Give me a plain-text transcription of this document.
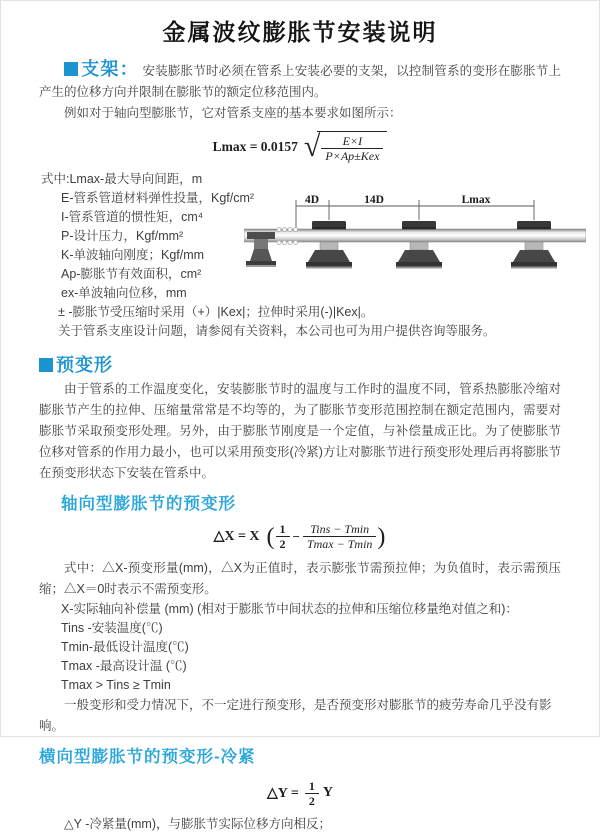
金属波纹膨胀节安装说明
支架： 安装膨胀节时必须在管系上安装必要的支架，以控制管系的变形在膨胀节上产生的位移方向并限制在膨胀节的额定位移范围内。
例如对于轴向型膨胀节，它对管系支座的基本要求如图所示：
Lmax = 0.0157 √ $\frac{E\times I}{\text{P×Ap±Kex}}$
式中:Lmax-最大导向间距，m
E-管系管道材料弹性投量，Kgf/cm²
I-管系管道的惯性矩，cm⁴
P-设计压力，Kgf/mm²
K-单波轴向刚度；Kgf/mm
Ap-膨胀节有效面积，cm²
ex-单波轴向位移，mm
± -膨胀节受压缩时采用（+）|Kex|；拉伸时采用(-)|Kex|。
关于管系支座设计问题，请参阅有关资料，本公司也可为用户提供咨询等服务。
4D	14D	Lmax
预变形
由于管系的工作温度变化，安装膨胀节时的温度与工作时的温度不同，管系热膨胀冷缩对膨胀节产生的拉伸、压缩量常常是不均等的，为了膨胀节变形范围控制在额定范围内，需要对膨胀节采取预变形处理。另外，由于膨胀节刚度是一个定值，与补偿量成正比。为了使膨胀节位移对管系的作用力最小，也可以采用预变形(冷紧)方让对膨胀节进行预变形处理后再将膨胀节在预变形状态下安装在管系中。
轴向型膨胀节的预变形
△X = X ( $\frac{1}{2} - \frac{\text{Tins − Tmin}}{Tmax - Tmin}$ )
式中：△X-预变形量(mm)，△X为正值时，表示膨张节需预拉伸；为负值时，表示需预压缩；△X＝0时表示不需预变形。
X-实际轴向补偿量 (mm) (相对于膨胀节中间状态的拉伸和压缩位移量绝对值之和)：
Tins -安装温度(℃)
Tmin-最低设计温度(℃)
Tmax -最高设计温 (℃)
Tmax > Tins ≥ Tmin
一般变形和受力情况下，不一定进行预变形，是否预变形对膨胀节的疲劳寿命几乎没有影响。
横向型膨胀节的预变形-冷紧
△Y = $\frac{1}{2}$ Y
△Y -冷紧量(mm)，与膨胀节实际位移方向相反；
